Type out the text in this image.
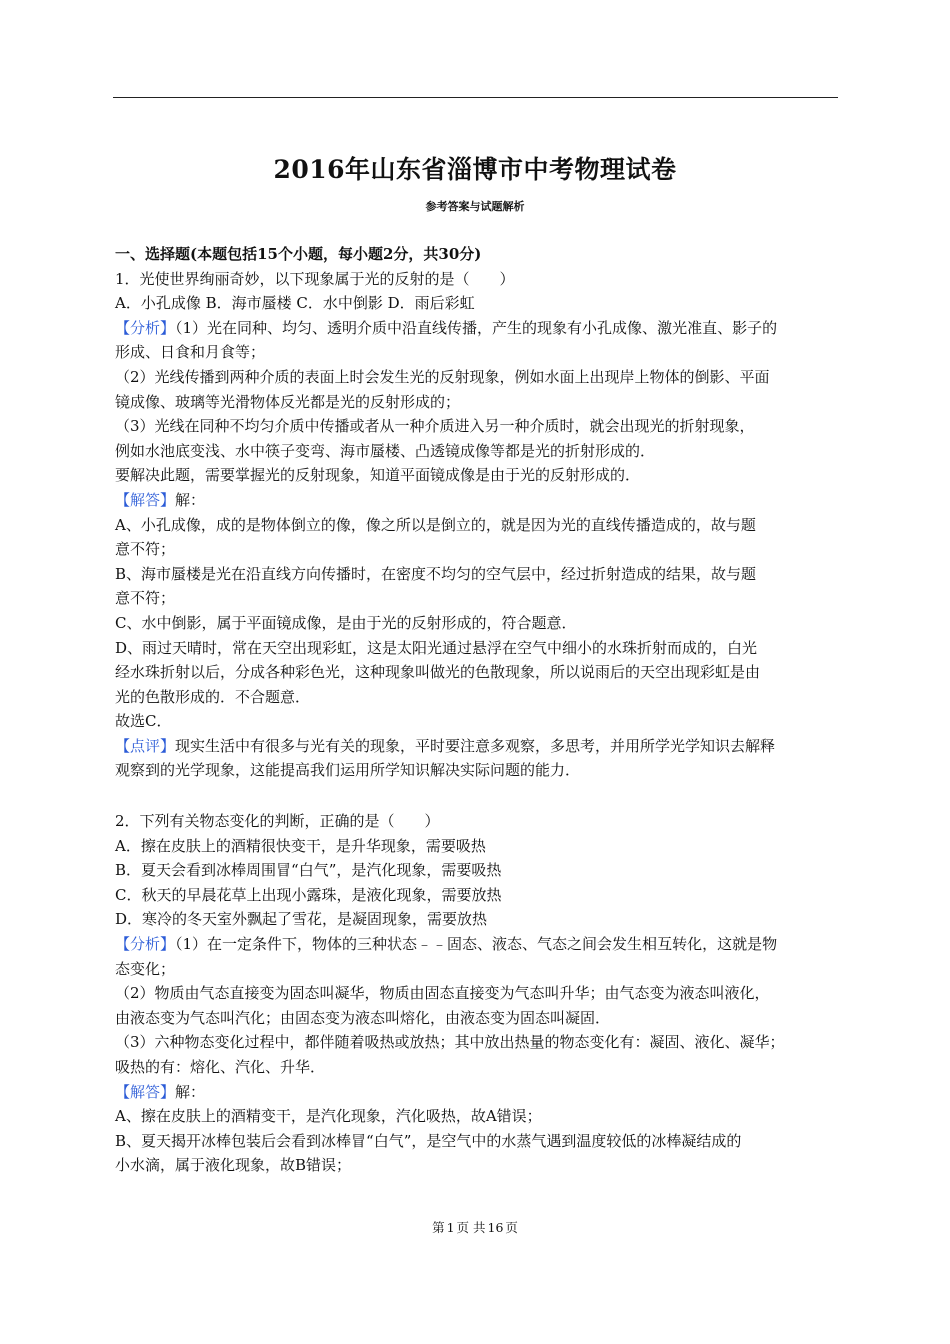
2016年山东省淄博市中考物理试卷
参考答案与试题解析
一、选择题(本题包括15个小题，每小题2分，共30分)
1．光使世界绚丽奇妙，以下现象属于光的反射的是（　　）
A．小孔成像 B．海市蜃楼 C．水中倒影 D．雨后彩虹
【分析】（1）光在同种、均匀、透明介质中沿直线传播，产生的现象有小孔成像、激光准直、影子的
形成、日食和月食等；
（2）光线传播到两种介质的表面上时会发生光的反射现象，例如水面上出现岸上物体的倒影、平面
镜成像、玻璃等光滑物体反光都是光的反射形成的；
（3）光线在同种不均匀介质中传播或者从一种介质进入另一种介质时，就会出现光的折射现象，
例如水池底变浅、水中筷子变弯、海市蜃楼、凸透镜成像等都是光的折射形成的．
要解决此题，需要掌握光的反射现象，知道平面镜成像是由于光的反射形成的．
【解答】解：
A、小孔成像，成的是物体倒立的像，像之所以是倒立的，就是因为光的直线传播造成的，故与题
意不符；
B、海市蜃楼是光在沿直线方向传播时，在密度不均匀的空气层中，经过折射造成的结果，故与题
意不符；
C、水中倒影，属于平面镜成像，是由于光的反射形成的，符合题意．
D、雨过天晴时，常在天空出现彩虹，这是太阳光通过悬浮在空气中细小的水珠折射而成的，白光
经水珠折射以后，分成各种彩色光，这种现象叫做光的色散现象，所以说雨后的天空出现彩虹是由
光的色散形成的．不合题意．
故选C．
【点评】现实生活中有很多与光有关的现象，平时要注意多观察，多思考，并用所学光学知识去解释
观察到的光学现象，这能提高我们运用所学知识解决实际问题的能力．
2．下列有关物态变化的判断，正确的是（　　）
A．擦在皮肤上的酒精很快变干，是升华现象，需要吸热
B．夏天会看到冰棒周围冒“白气”，是汽化现象，需要吸热
C．秋天的早晨花草上出现小露珠，是液化现象，需要放热
D．寒冷的冬天室外飘起了雪花，是凝固现象，需要放热
【分析】（1）在一定条件下，物体的三种状态﹣﹣固态、液态、气态之间会发生相互转化，这就是物
态变化；
（2）物质由气态直接变为固态叫凝华，物质由固态直接变为气态叫升华；由气态变为液态叫液化，
由液态变为气态叫汽化；由固态变为液态叫熔化，由液态变为固态叫凝固．
（3）六种物态变化过程中，都伴随着吸热或放热；其中放出热量的物态变化有：凝固、液化、凝华；
吸热的有：熔化、汽化、升华．
【解答】解：
A、擦在皮肤上的酒精变干，是汽化现象，汽化吸热，故A错误；
B、夏天揭开冰棒包装后会看到冰棒冒“白气”，是空气中的水蒸气遇到温度较低的冰棒凝结成的
小水滴，属于液化现象，故B错误；
第 1 页 共 16 页
